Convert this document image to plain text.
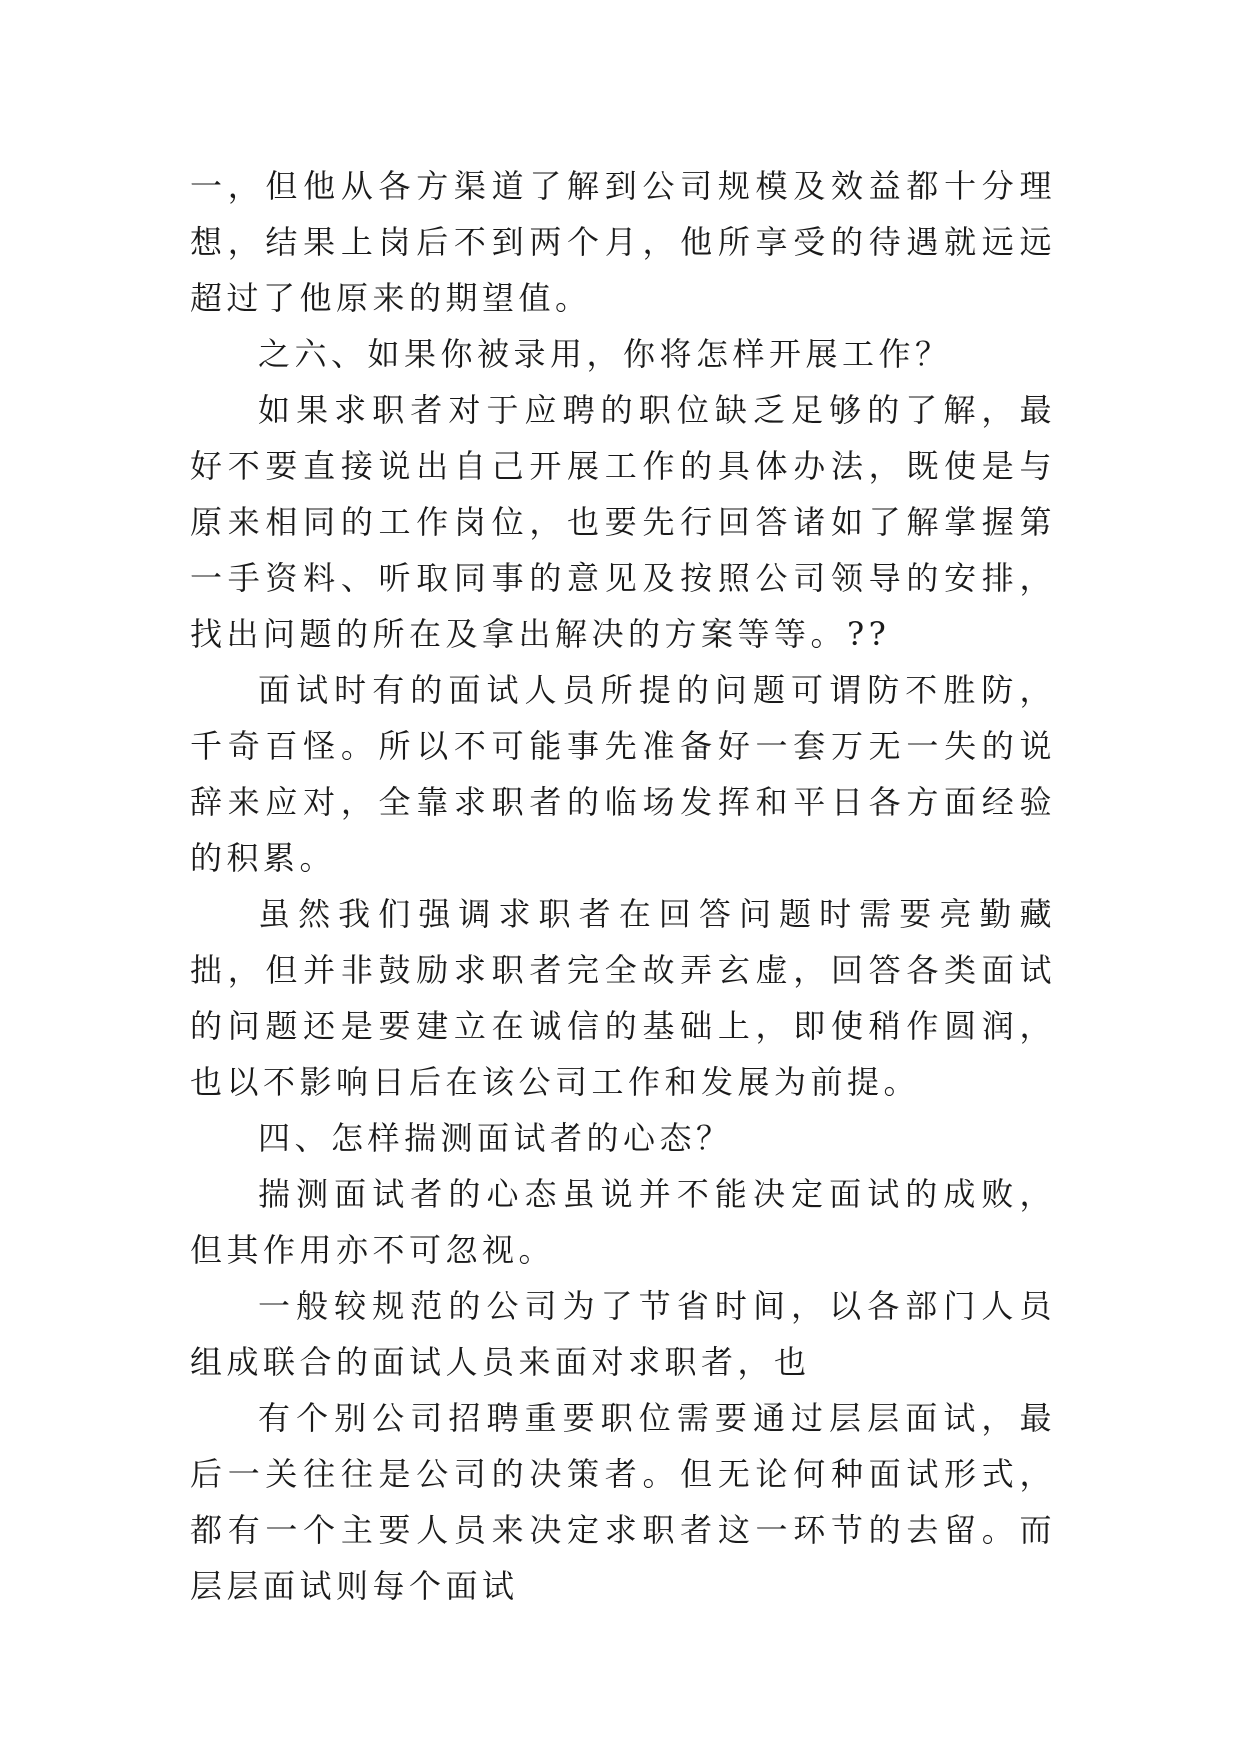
一，但他从各方渠道了解到公司规模及效益都十分理想，结果上岗后不到两个月，他所享受的待遇就远远超过了他原来的期望值。

之六、如果你被录用，你将怎样开展工作？

如果求职者对于应聘的职位缺乏足够的了解，最好不要直接说出自己开展工作的具体办法，既使是与原来相同的工作岗位，也要先行回答诸如了解掌握第一手资料、听取同事的意见及按照公司领导的安排，找出问题的所在及拿出解决的方案等等。??

面试时有的面试人员所提的问题可谓防不胜防，千奇百怪。所以不可能事先准备好一套万无一失的说辞来应对，全靠求职者的临场发挥和平日各方面经验的积累。

虽然我们强调求职者在回答问题时需要亮勤藏拙，但并非鼓励求职者完全故弄玄虚，回答各类面试的问题还是要建立在诚信的基础上，即使稍作圆润，也以不影响日后在该公司工作和发展为前提。

四、怎样揣测面试者的心态？

揣测面试者的心态虽说并不能决定面试的成败，但其作用亦不可忽视。

一般较规范的公司为了节省时间，以各部门人员组成联合的面试人员来面对求职者，也

有个别公司招聘重要职位需要通过层层面试，最后一关往往是公司的决策者。但无论何种面试形式，都有一个主要人员来决定求职者这一环节的去留。而层层面试则每个面试
